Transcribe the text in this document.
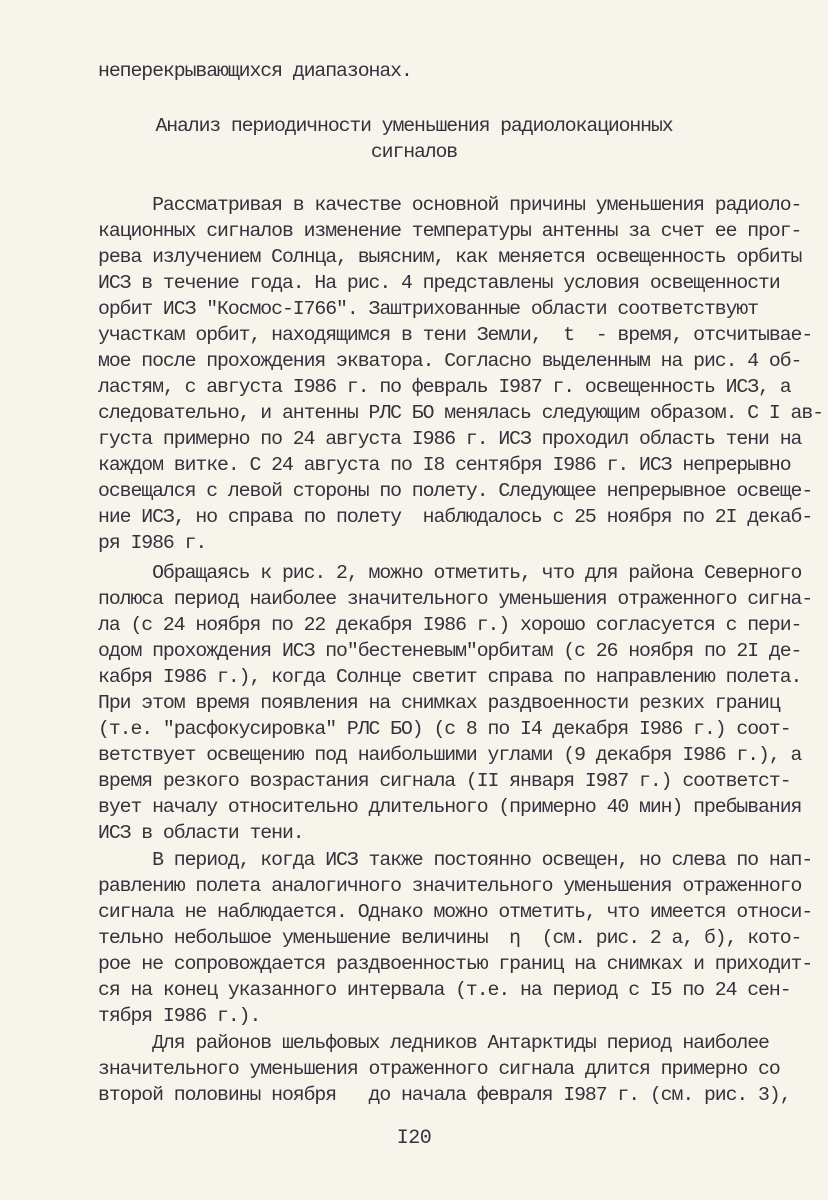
неперекрывающихся диапазонах.
Анализ периодичности уменьшения радиолокационных
сигналов
Рассматривая в качестве основной причины уменьшения радиоло-
кационных сигналов изменение температуры антенны за счет ее прог-
рева излучением Солнца, выясним, как меняется освещенность орбиты
ИСЗ в течение года. На рис. 4 представлены условия освещенности
орбит ИСЗ "Космос-I766". Заштрихованные области соответствуют
участкам орбит, находящимся в тени Земли,  t  - время, отсчитывае-
мое после прохождения экватора. Согласно выделенным на рис. 4 об-
ластям, с августа I986 г. по февраль I987 г. освещенность ИСЗ, а
следовательно, и антенны РЛС БО менялась следующим образом. С I ав-
густа примерно по 24 августа I986 г. ИСЗ проходил область тени на
каждом витке. С 24 августа по I8 сентября I986 г. ИСЗ непрерывно
освещался с левой стороны по полету. Следующее непрерывное освеще-
ние ИСЗ, но справа по полету  наблюдалось с 25 ноября по 2I декаб-
ря I986 г.
Обращаясь к рис. 2, можно отметить, что для района Северного
полюса период наиболее значительного уменьшения отраженного сигна-
ла (с 24 ноября по 22 декабря I986 г.) хорошо согласуется с пери-
одом прохождения ИСЗ по"бестеневым"орбитам (с 26 ноября по 2I де-
кабря I986 г.), когда Солнце светит справа по направлению полета.
При этом время появления на снимках раздвоенности резких границ
(т.е. "расфокусировка" РЛС БО) (с 8 по I4 декабря I986 г.) соот-
ветствует освещению под наибольшими углами (9 декабря I986 г.), а
время резкого возрастания сигнала (II января I987 г.) соответст-
вует началу относительно длительного (примерно 40 мин) пребывания
ИСЗ в области тени.
В период, когда ИСЗ также постоянно освещен, но слева по нап-
равлению полета аналогичного значительного уменьшения отраженного
сигнала не наблюдается. Однако можно отметить, что имеется относи-
тельно небольшое уменьшение величины  η  (см. рис. 2 а, б), кото-
рое не сопровождается раздвоенностью границ на снимках и приходит-
ся на конец указанного интервала (т.е. на период с I5 по 24 сен-
тября I986 г.).
Для районов шельфовых ледников Антарктиды период наиболее
значительного уменьшения отраженного сигнала длится примерно со
второй половины ноября   до начала февраля I987 г. (см. рис. 3),
I20
